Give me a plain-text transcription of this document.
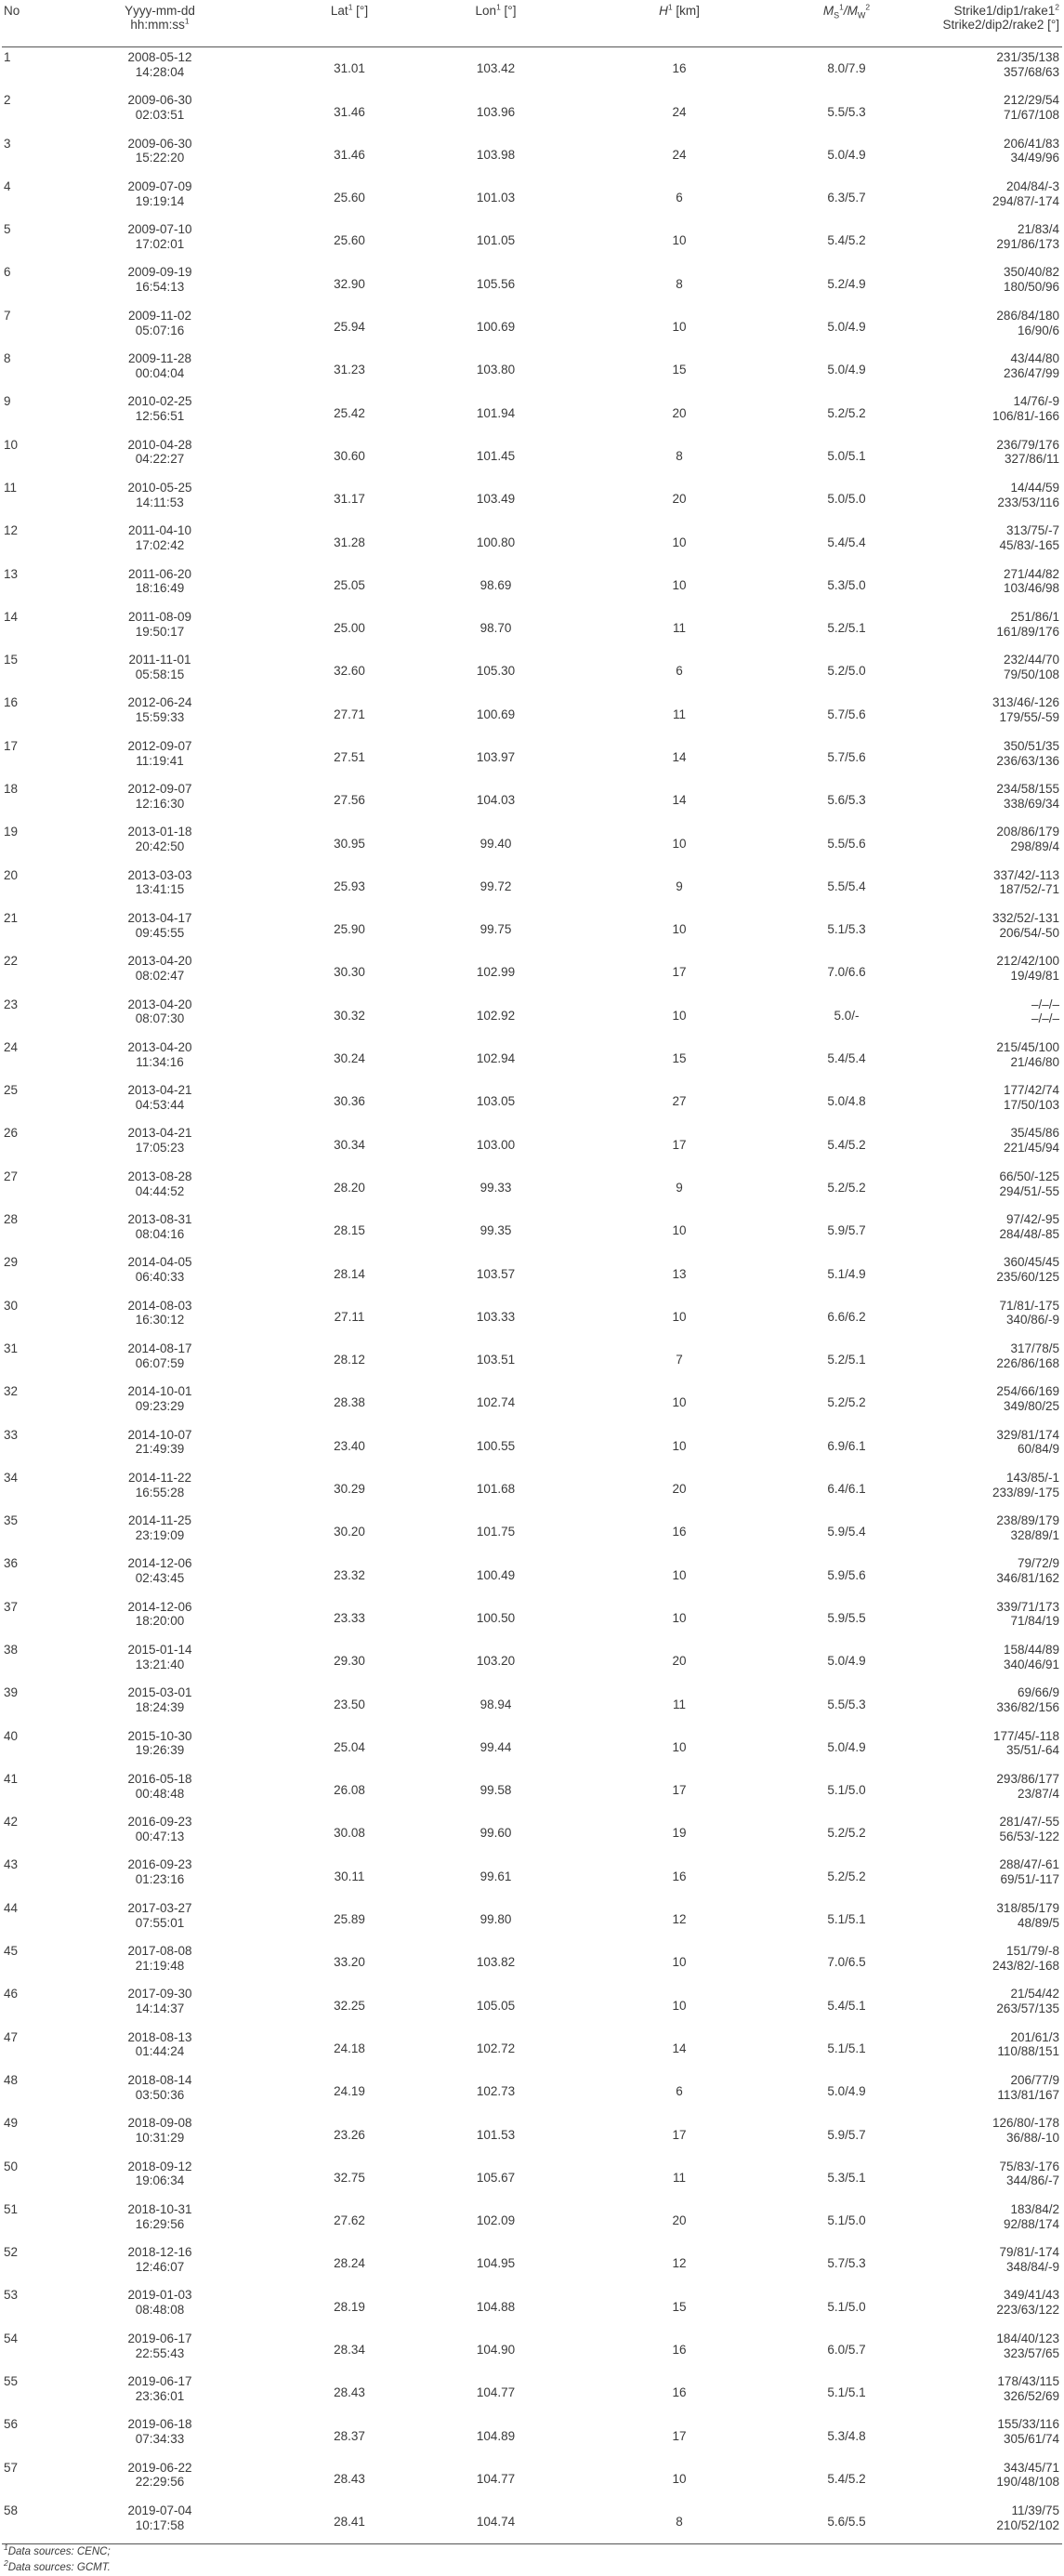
No	Yyyy-mm-dd
$hh:mm:ss^1$	Lat$^1$ [°]	Lon$^1$ [°]	$H^1$ [km]	$M_S^1/M_W^2$	$Strike1/dip1/rake1^2$
Strike2/dip2/rake2 [°]

1	2008-05-12
14:28:04	31.01	103.42	16	8.0/7.9	231/35/138
357/68/63

2	2009-06-30
02:03:51	31.46	103.96	24	5.5/5.3	212/29/54
71/67/108

3	2009-06-30
15:22:20	31.46	103.98	24	5.0/4.9	206/41/83
34/49/96

4	2009-07-09
19:19:14	25.60	101.03	6	6.3/5.7	204/84/-3
294/87/-174

5	2009-07-10
17:02:01	25.60	101.05	10	5.4/5.2	21/83/4
291/86/173

6	2009-09-19
16:54:13	32.90	105.56	8	5.2/4.9	350/40/82
180/50/96

7	2009-11-02
05:07:16	25.94	100.69	10	5.0/4.9	286/84/180
16/90/6

8	2009-11-28
00:04:04	31.23	103.80	15	5.0/4.9	43/44/80
236/47/99

9	2010-02-25
12:56:51	25.42	101.94	20	5.2/5.2	14/76/-9
106/81/-166

10	2010-04-28
04:22:27	30.60	101.45	8	5.0/5.1	236/79/176
327/86/11

11	2010-05-25
14:11:53	31.17	103.49	20	5.0/5.0	14/44/59
233/53/116

12	2011-04-10
17:02:42	31.28	100.80	10	5.4/5.4	313/75/-7
45/83/-165

13	2011-06-20
18:16:49	25.05	98.69	10	5.3/5.0	271/44/82
103/46/98

14	2011-08-09
19:50:17	25.00	98.70	11	5.2/5.1	251/86/1
161/89/176

15	2011-11-01
05:58:15	32.60	105.30	6	5.2/5.0	232/44/70
79/50/108

16	2012-06-24
15:59:33	27.71	100.69	11	5.7/5.6	313/46/-126
179/55/-59

17	2012-09-07
11:19:41	27.51	103.97	14	5.7/5.6	350/51/35
236/63/136

18	2012-09-07
12:16:30	27.56	104.03	14	5.6/5.3	234/58/155
338/69/34

19	2013-01-18
20:42:50	30.95	99.40	10	5.5/5.6	208/86/179
298/89/4

20	2013-03-03
13:41:15	25.93	99.72	9	5.5/5.4	337/42/-113
187/52/-71

21	2013-04-17
09:45:55	25.90	99.75	10	5.1/5.3	332/52/-131
206/54/-50

22	2013-04-20
08:02:47	30.30	102.99	17	7.0/6.6	212/42/100
19/49/81

23	2013-04-20
08:07:30	30.32	102.92	10	5.0/-	–/–/–
–/–/–

24	2013-04-20
11:34:16	30.24	102.94	15	5.4/5.4	215/45/100
21/46/80

25	2013-04-21
04:53:44	30.36	103.05	27	5.0/4.8	177/42/74
17/50/103

26	2013-04-21
17:05:23	30.34	103.00	17	5.4/5.2	35/45/86
221/45/94

27	2013-08-28
04:44:52	28.20	99.33	9	5.2/5.2	66/50/-125
294/51/-55

28	2013-08-31
08:04:16	28.15	99.35	10	5.9/5.7	97/42/-95
284/48/-85

29	2014-04-05
06:40:33	28.14	103.57	13	5.1/4.9	360/45/45
235/60/125

30	2014-08-03
16:30:12	27.11	103.33	10	6.6/6.2	71/81/-175
340/86/-9

31	2014-08-17
06:07:59	28.12	103.51	7	5.2/5.1	317/78/5
226/86/168

32	2014-10-01
09:23:29	28.38	102.74	10	5.2/5.2	254/66/169
349/80/25

33	2014-10-07
21:49:39	23.40	100.55	10	6.9/6.1	329/81/174
60/84/9

34	2014-11-22
16:55:28	30.29	101.68	20	6.4/6.1	143/85/-1
233/89/-175

35	2014-11-25
23:19:09	30.20	101.75	16	5.9/5.4	238/89/179
328/89/1

36	2014-12-06
02:43:45	23.32	100.49	10	5.9/5.6	79/72/9
346/81/162

37	2014-12-06
18:20:00	23.33	100.50	10	5.9/5.5	339/71/173
71/84/19

38	2015-01-14
13:21:40	29.30	103.20	20	5.0/4.9	158/44/89
340/46/91

39	2015-03-01
18:24:39	23.50	98.94	11	5.5/5.3	69/66/9
336/82/156

40	2015-10-30
19:26:39	25.04	99.44	10	5.0/4.9	177/45/-118
35/51/-64

41	2016-05-18
00:48:48	26.08	99.58	17	5.1/5.0	293/86/177
23/87/4

42	2016-09-23
00:47:13	30.08	99.60	19	5.2/5.2	281/47/-55
56/53/-122

43	2016-09-23
01:23:16	30.11	99.61	16	5.2/5.2	288/47/-61
69/51/-117

44	2017-03-27
07:55:01	25.89	99.80	12	5.1/5.1	318/85/179
48/89/5

45	2017-08-08
21:19:48	33.20	103.82	10	7.0/6.5	151/79/-8
243/82/-168

46	2017-09-30
14:14:37	32.25	105.05	10	5.4/5.1	21/54/42
263/57/135

47	2018-08-13
01:44:24	24.18	102.72	14	5.1/5.1	201/61/3
110/88/151

48	2018-08-14
03:50:36	24.19	102.73	6	5.0/4.9	206/77/9
113/81/167

49	2018-09-08
10:31:29	23.26	101.53	17	5.9/5.7	126/80/-178
36/88/-10

50	2018-09-12
19:06:34	32.75	105.67	11	5.3/5.1	75/83/-176
344/86/-7

51	2018-10-31
16:29:56	27.62	102.09	20	5.1/5.0	183/84/2
92/88/174

52	2018-12-16
12:46:07	28.24	104.95	12	5.7/5.3	79/81/-174
348/84/-9

53	2019-01-03
08:48:08	28.19	104.88	15	5.1/5.0	349/41/43
223/63/122

54	2019-06-17
22:55:43	28.34	104.90	16	6.0/5.7	184/40/123
323/57/65

55	2019-06-17
23:36:01	28.43	104.77	16	5.1/5.1	178/43/115
326/52/69

56	2019-06-18
07:34:33	28.37	104.89	17	5.3/4.8	155/33/116
305/61/74

57	2019-06-22
22:29:56	28.43	104.77	10	5.4/5.2	343/45/71
190/48/108

58	2019-07-04
10:17:58	28.41	104.74	8	5.6/5.5	11/39/75
210/52/102

$^1$Data sources: CENC;						
$^2$Data sources: GCMT.						
